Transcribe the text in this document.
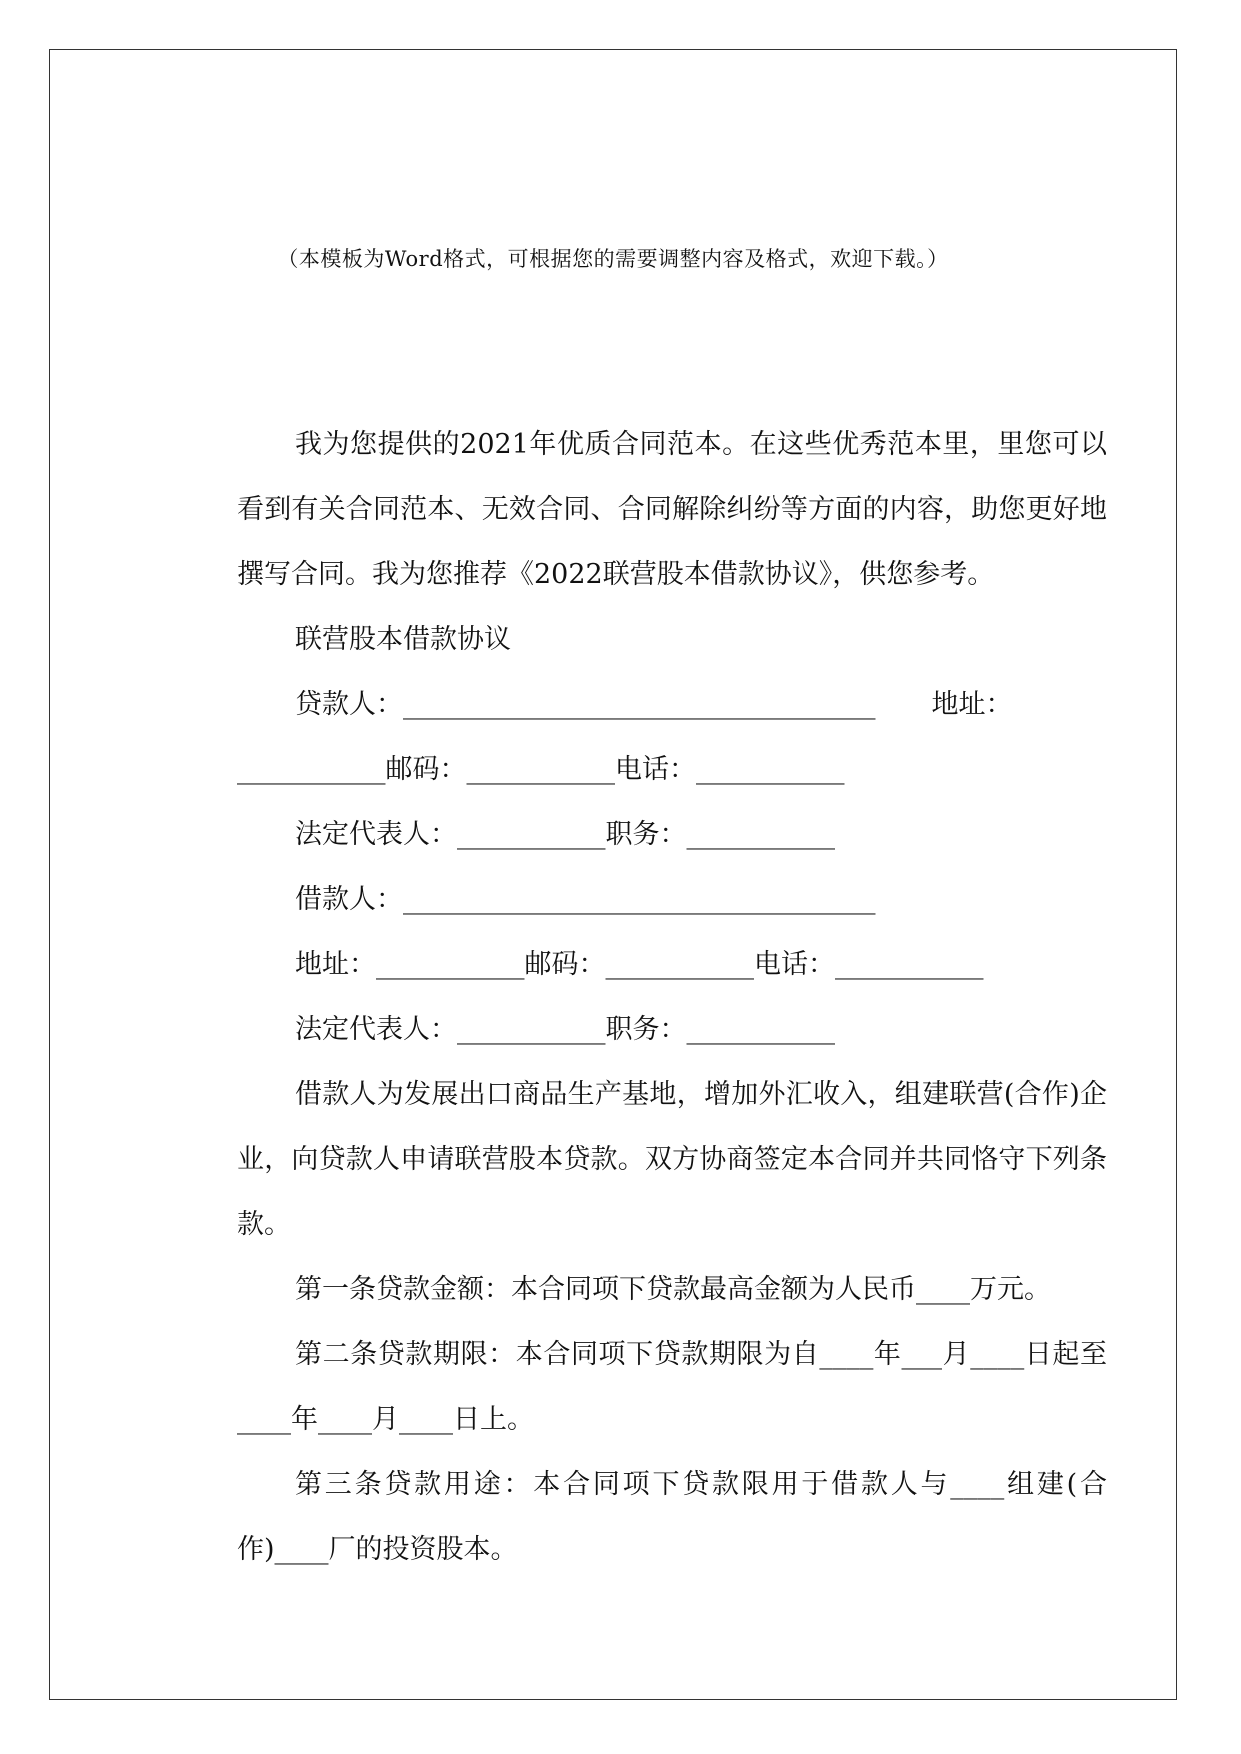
（本模板为Word格式，可根据您的需要调整内容及格式，欢迎下载。）

我为您提供的2021年优质合同范本。在这些优秀范本里，里您可以看到有关合同范本、无效合同、合同解除纠纷等方面的内容，助您更好地撰写合同。我为您推荐《2022联营股本借款协议》，供您参考。

联营股本借款协议

贷款人：___________________________________ 地址：

___________邮码：___________电话：___________

法定代表人：___________职务：___________

借款人：___________________________________

地址：___________邮码：___________电话：___________

法定代表人：___________职务：___________

借款人为发展出口商品生产基地，增加外汇收入，组建联营(合作)企业，向贷款人申请联营股本贷款。双方协商签定本合同并共同恪守下列条款。

第一条贷款金额：本合同项下贷款最高金额为人民币____万元。

第二条贷款期限：本合同项下贷款期限为自____年___月____日起至____年____月____日上。

第三条贷款用途：本合同项下贷款限用于借款人与____组建(合作)____厂的投资股本。
